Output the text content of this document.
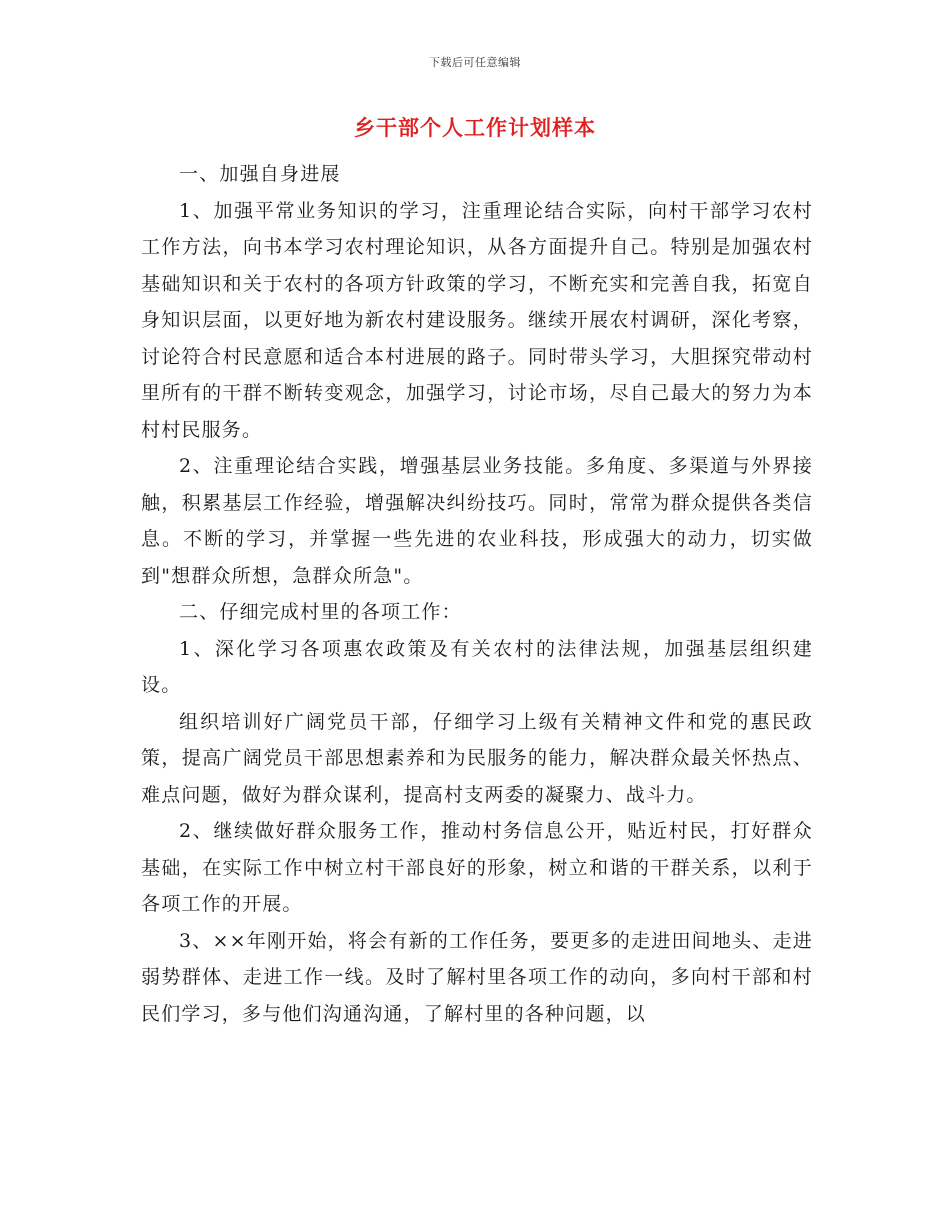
下载后可任意编辑
乡干部个人工作计划样本

一、加强自身进展

1、加强平常业务知识的学习，注重理论结合实际，向村干部学习农村工作方法，向书本学习农村理论知识，从各方面提升自己。特别是加强农村基础知识和关于农村的各项方针政策的学习，不断充实和完善自我，拓宽自身知识层面，以更好地为新农村建设服务。继续开展农村调研，深化考察，讨论符合村民意愿和适合本村进展的路子。同时带头学习，大胆探究带动村里所有的干群不断转变观念，加强学习，讨论市场，尽自己最大的努力为本村村民服务。

2、注重理论结合实践，增强基层业务技能。多角度、多渠道与外界接触，积累基层工作经验，增强解决纠纷技巧。同时，常常为群众提供各类信息。不断的学习，并掌握一些先进的农业科技，形成强大的动力，切实做到"想群众所想，急群众所急"。

二、仔细完成村里的各项工作：

1、深化学习各项惠农政策及有关农村的法律法规，加强基层组织建设。

组织培训好广阔党员干部，仔细学习上级有关精神文件和党的惠民政策，提高广阔党员干部思想素养和为民服务的能力，解决群众最关怀热点、难点问题，做好为群众谋利，提高村支两委的凝聚力、战斗力。

2、继续做好群众服务工作，推动村务信息公开，贴近村民，打好群众基础，在实际工作中树立村干部良好的形象，树立和谐的干群关系，以利于各项工作的开展。

3、××年刚开始，将会有新的工作任务，要更多的走进田间地头、走进弱势群体、走进工作一线。及时了解村里各项工作的动向，多向村干部和村民们学习，多与他们沟通沟通，了解村里的各种问题，以
